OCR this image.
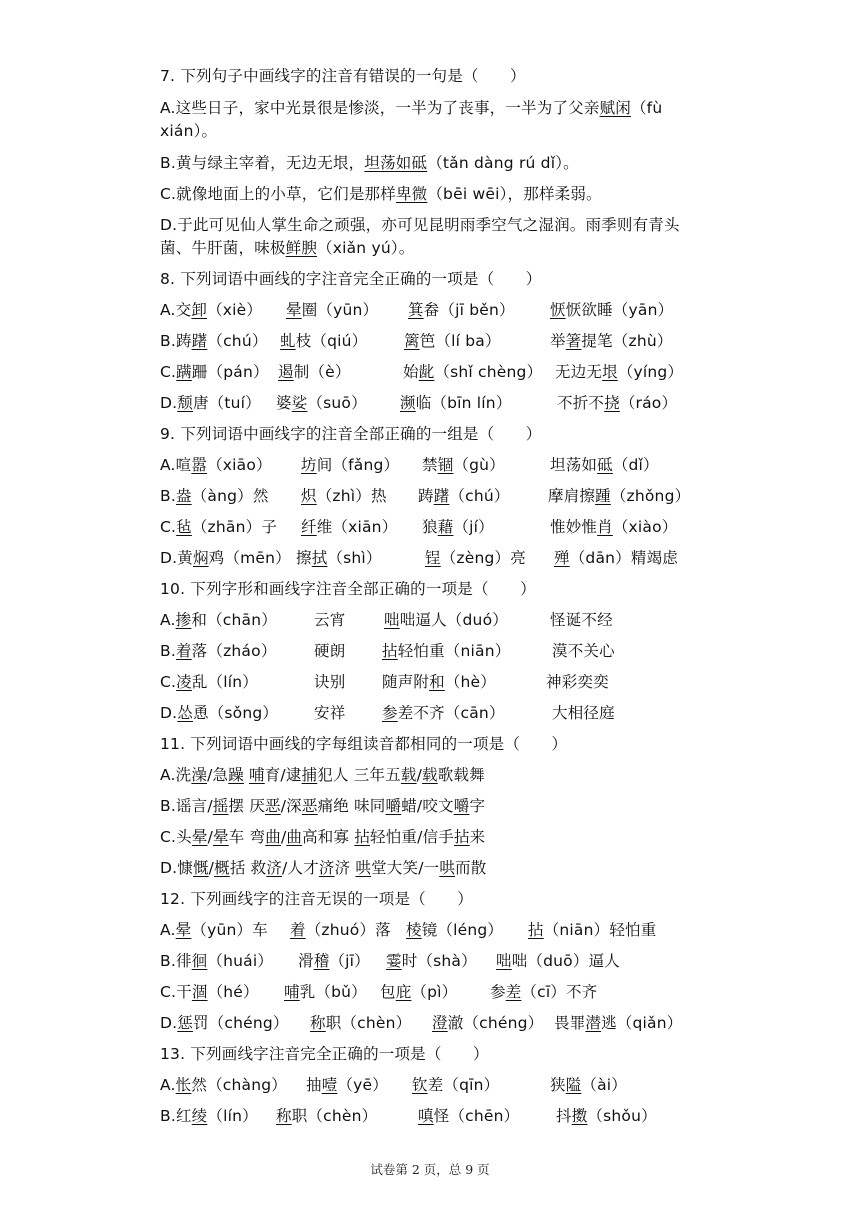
7. 下列句子中画线字的注音有错误的一句是（　　）
A.这些日子，家中光景很是惨淡，一半为了丧事，一半为了父亲赋闲（fù
xián）。
B.黄与绿主宰着，无边无垠，坦荡如砥（tǎn dàng rú dǐ）。
C.就像地面上的小草，它们是那样卑微（bēi wēi），那样柔弱。
D.于此可见仙人掌生命之顽强，亦可见昆明雨季空气之湿润。雨季则有青头
菌、牛肝菌，味极鲜腴（xiǎn yú）。
8. 下列词语中画线的字注音完全正确的一项是（　　）
A.交卸（xiè） 晕圈（yūn） 箕畚（jī běn） 恹恹欲睡（yān）
B.踌躇（chú） 虬枝（qiú） 篱笆（lí ba）	举箸提笔（zhù）
C.蹒跚（pán） 遏制（è）	始龀（shǐ chèng） 无边无垠（yíng）
D.颓唐（tuí） 婆娑（suō） 濒临（bīn lín）	不折不挠（ráo）
9. 下列词语中画线字的注音全部正确的一组是（　　）
A.喧嚣（xiāo） 坊间（fǎng） 禁锢（gù）	坦荡如砥（dǐ）
B.盎（àng）然 炽（zhì）热 踌躇（chú） 摩肩擦踵（zhǒng）
C.毡（zhān）子 纤维（xiān） 狼藉（jí）	惟妙惟肖（xiào）
D.黄焖鸡（mēn） 擦拭（shì）	锃（zèng）亮 殚（dān）精竭虑
10. 下列字形和画线字注音全部正确的一项是（　　）
A.掺和（chān） 云宵 咄咄逼人（duó）	怪诞不经
B.着落（zháo） 硬朗 拈轻怕重（niān）	漠不关心
C.凌乱（lín）	诀别 随声附和（hè）	神彩奕奕
D.怂恿（sǒng） 安祥 参差不齐（cān）	大相径庭
11. 下列词语中画线的字每组读音都相同的一项是（　　）
A.洗澡/急躁 哺育/逮捕犯人 三年五载/载歌载舞
B.谣言/摇摆 厌恶/深恶痛绝 味同嚼蜡/咬文嚼字
C.头晕/晕车 弯曲/曲高和寡 拈轻怕重/信手拈来
D.慷慨/概括 救济/人才济济 哄堂大笑/一哄而散
12. 下列画线字的注音无误的一项是（　　）
A.晕（yūn）车 着（zhuó）落 棱镜（léng） 拈（niān）轻怕重
B.徘徊（huái） 滑稽（jī） 霎时（shà） 咄咄（duō）逼人
C.干涸（hé） 哺乳（bǔ） 包庇（pì） 参差（cī）不齐
D.惩罚（chéng） 称职（chèn） 澄澈（chéng） 畏罪潜逃（qiǎn）
13. 下列画线字注音完全正确的一项是（　　）
A.怅然（chàng） 抽噎（yē） 钦差（qīn）	狭隘（ài）
B.红绫（lín） 称职（chèn）	嗔怪（chēn） 抖擞（shǒu）
试卷第 2 页，总 9 页
